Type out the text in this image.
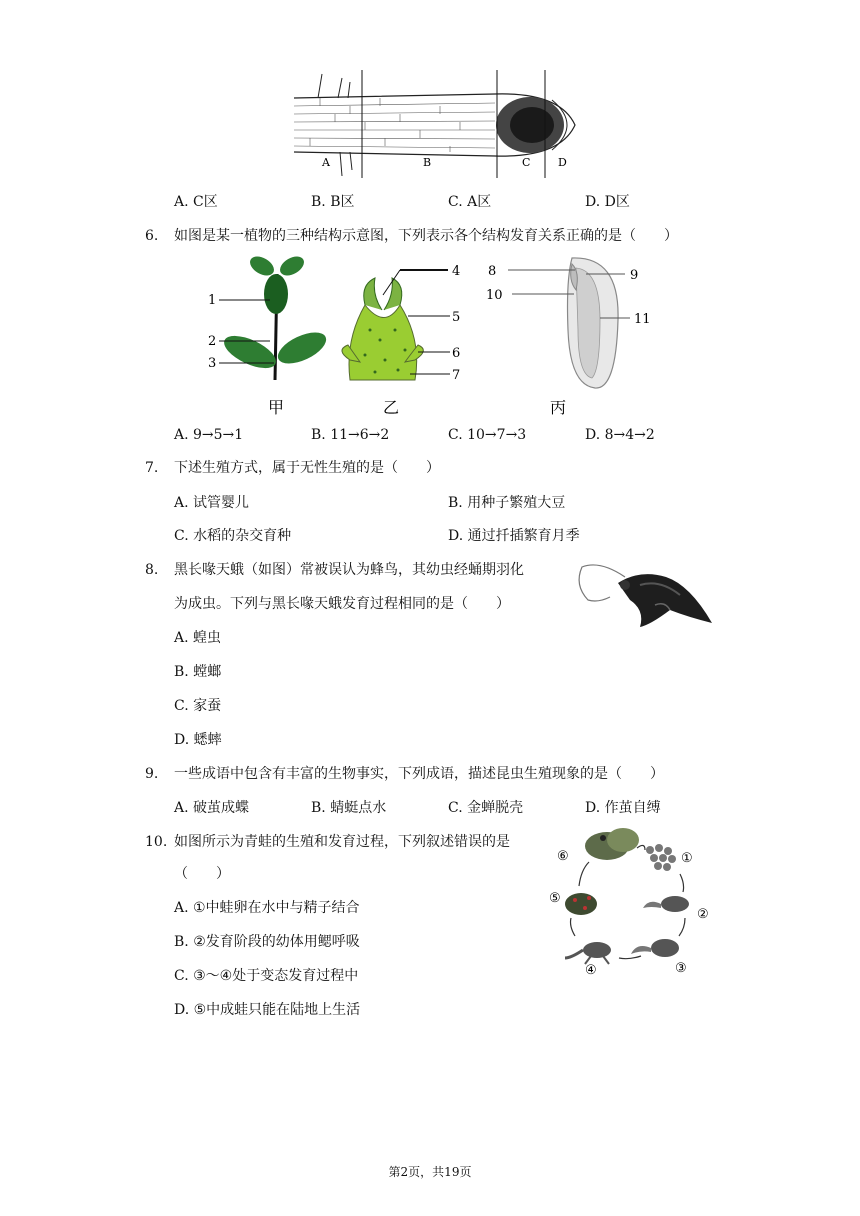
A	B	C	D
A. C区	B. B区	C. A区	D. D区
6. 如图是某一植物的三种结构示意图，下列表示各个结构发育关系正确的是（　　）
1
2
3
4
5
6
7
8	9
10
11
甲	乙	丙
A. 9→5→1	B. 11→6→2	C. 10→7→3	D. 8→4→2
7. 下述生殖方式，属于无性生殖的是（　　）
A. 试管婴儿	B. 用种子繁殖大豆
C. 水稻的杂交育种	D. 通过扦插繁育月季
8. 黑长喙天蛾（如图）常被误认为蜂鸟，其幼虫经蛹期羽化
为成虫。下列与黑长喙天蛾发育过程相同的是（　　）
A. 蝗虫
B. 螳螂
C. 家蚕
D. 蟋蟀
9. 一些成语中包含有丰富的生物事实，下列成语，描述昆虫生殖现象的是（　　）
A. 破茧成蝶	B. 蜻蜓点水	C. 金蝉脱壳	D. 作茧自缚
10. 如图所示为青蛙的生殖和发育过程，下列叙述错误的是
（　　）
⑥	①
⑤
②
④	③
A. ①中蛙卵在水中与精子结合
B. ②发育阶段的幼体用鳃呼吸
C. ③～④处于变态发育过程中
D. ⑤中成蛙只能在陆地上生活
第2页，共19页
